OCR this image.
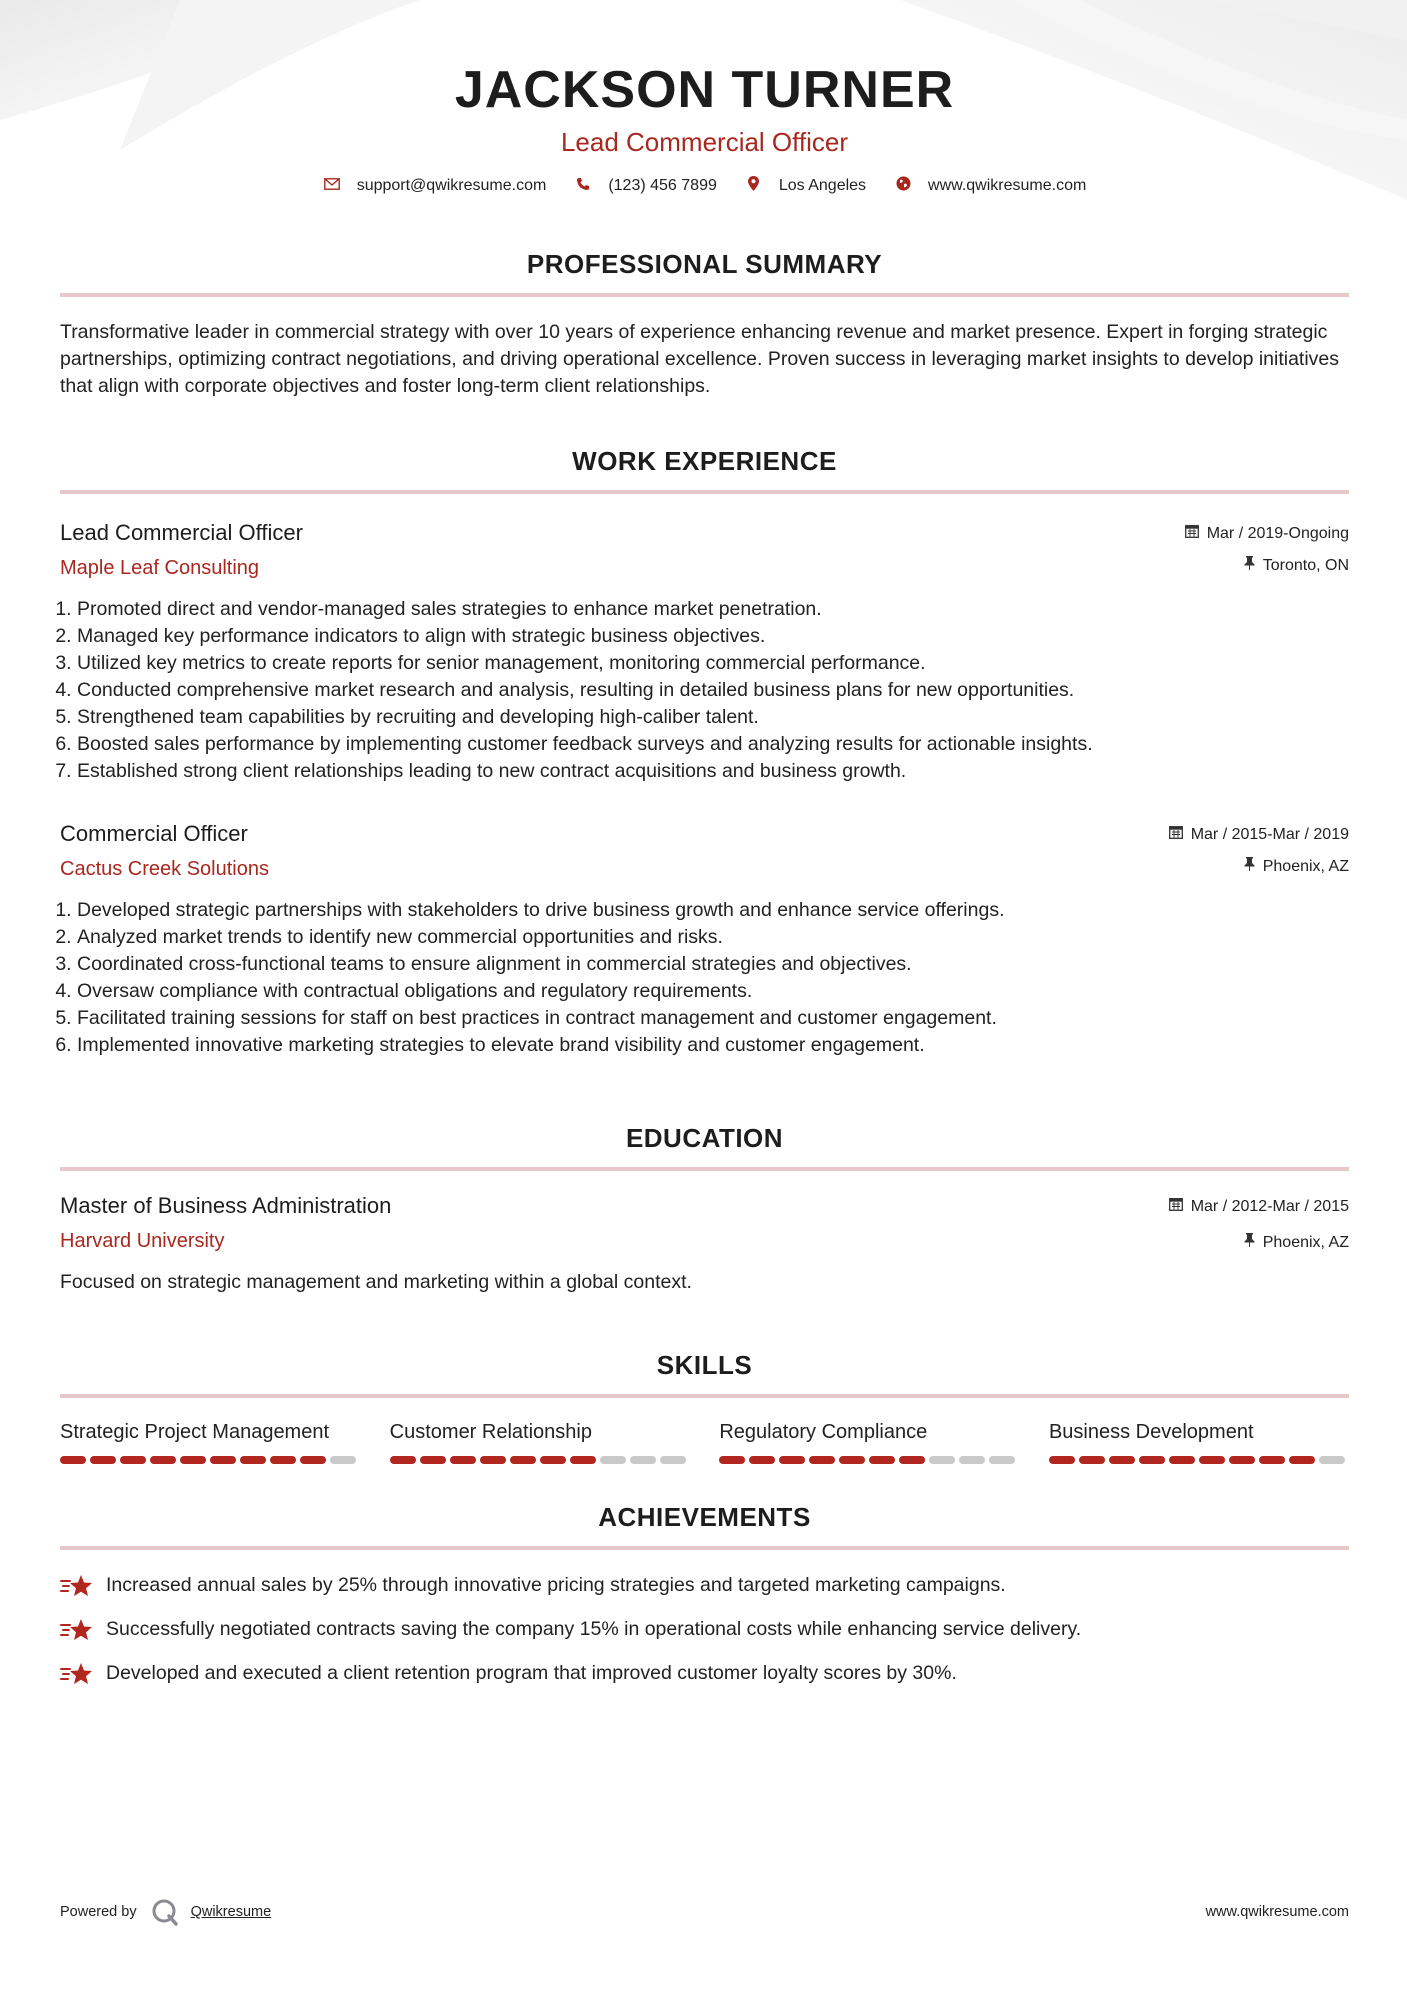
JACKSON TURNER
Lead Commercial Officer
support@qwikresume.com	(123) 456 7899	Los Angeles	www.qwikresume.com
PROFESSIONAL SUMMARY

Transformative leader in commercial strategy with over 10 years of experience enhancing revenue and market presence. Expert in forging strategic partnerships, optimizing contract negotiations, and driving operational excellence. Proven success in leveraging market insights to develop initiatives that align with corporate objectives and foster long-term client relationships.

WORK EXPERIENCE
Lead Commercial Officer
Maple Leaf Consulting
Mar / 2019-Ongoing
Toronto, ON
1. Promoted direct and vendor-managed sales strategies to enhance market penetration.
2. Managed key performance indicators to align with strategic business objectives.
3. Utilized key metrics to create reports for senior management, monitoring commercial performance.
4. Conducted comprehensive market research and analysis, resulting in detailed business plans for new opportunities.
5. Strengthened team capabilities by recruiting and developing high-caliber talent.
6. Boosted sales performance by implementing customer feedback surveys and analyzing results for actionable insights.
7. Established strong client relationships leading to new contract acquisitions and business growth.
Commercial Officer
Cactus Creek Solutions
Mar / 2015-Mar / 2019
Phoenix, AZ
1. Developed strategic partnerships with stakeholders to drive business growth and enhance service offerings.
2. Analyzed market trends to identify new commercial opportunities and risks.
3. Coordinated cross-functional teams to ensure alignment in commercial strategies and objectives.
4. Oversaw compliance with contractual obligations and regulatory requirements.
5. Facilitated training sessions for staff on best practices in contract management and customer engagement.
6. Implemented innovative marketing strategies to elevate brand visibility and customer engagement.
EDUCATION
Master of Business Administration
Harvard University
Mar / 2012-Mar / 2015
Phoenix, AZ
Focused on strategic management and marketing within a global context.
SKILLS
Strategic Project Management	Customer Relationship	Regulatory Compliance	Business Development
ACHIEVEMENTS
Increased annual sales by 25% through innovative pricing strategies and targeted marketing campaigns.
Successfully negotiated contracts saving the company 15% in operational costs while enhancing service delivery.
Developed and executed a client retention program that improved customer loyalty scores by 30%.
Powered by	Qwikresume	www.qwikresume.com
